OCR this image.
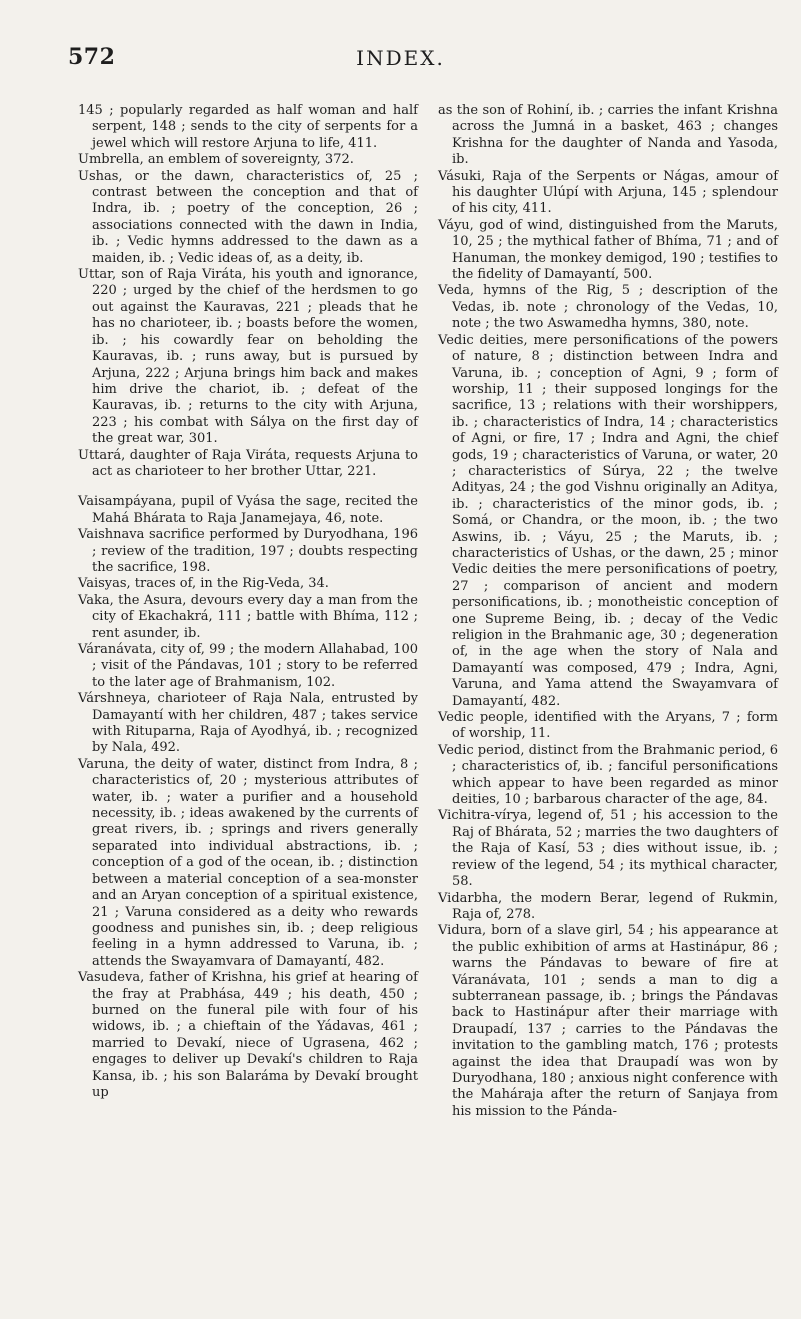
572	INDEX.

145 ; popularly regarded as half woman and half serpent, 148 ; sends to the city of serpents for a jewel which will restore Arjuna to life, 411.

Umbrella, an emblem of sovereignty, 372.

Ushas, or the dawn, characteristics of, 25 ; contrast between the conception and that of Indra, ib. ; poetry of the conception, 26 ; associations connected with the dawn in India, ib. ; Vedic hymns addressed to the dawn as a maiden, ib. ; Vedic ideas of, as a deity, ib.

Uttar, son of Raja Viráta, his youth and ignorance, 220 ; urged by the chief of the herdsmen to go out against the Kauravas, 221 ; pleads that he has no charioteer, ib. ; boasts before the women, ib. ; his cowardly fear on beholding the Kauravas, ib. ; runs away, but is pursued by Arjuna, 222 ; Arjuna brings him back and makes him drive the chariot, ib. ; defeat of the Kauravas, ib. ; returns to the city with Arjuna, 223 ; his combat with Sálya on the first day of the great war, 301.

Uttará, daughter of Raja Viráta, requests Arjuna to act as charioteer to her brother Uttar, 221.

Vaisampáyana, pupil of Vyása the sage, recited the Mahá Bhárata to Raja Janamejaya, 46, note.

Vaishnava sacrifice performed by Duryodhana, 196 ; review of the tradition, 197 ; doubts respecting the sacrifice, 198.

Vaisyas, traces of, in the Rig-Veda, 34.

Vaka, the Asura, devours every day a man from the city of Ekachakrá, 111 ; battle with Bhíma, 112 ; rent asunder, ib.

Váranávata, city of, 99 ; the modern Allahabad, 100 ; visit of the Pándavas, 101 ; story to be referred to the later age of Brahmanism, 102.

Várshneya, charioteer of Raja Nala, entrusted by Damayantí with her children, 487 ; takes service with Rituparna, Raja of Ayodhyá, ib. ; recognized by Nala, 492.

Varuna, the deity of water, distinct from Indra, 8 ; characteristics of, 20 ; mysterious attributes of water, ib. ; water a purifier and a household necessity, ib. ; ideas awakened by the currents of great rivers, ib. ; springs and rivers generally separated into individual abstractions, ib. ; conception of a god of the ocean, ib. ; distinction between a material conception of a sea-monster and an Aryan conception of a spiritual existence, 21 ; Varuna considered as a deity who rewards goodness and punishes sin, ib. ; deep religious feeling in a hymn addressed to Varuna, ib. ; attends the Swayamvara of Damayantí, 482.

Vasudeva, father of Krishna, his grief at hearing of the fray at Prabhása, 449 ; his death, 450 ; burned on the funeral pile with four of his widows, ib. ; a chieftain of the Yádavas, 461 ; married to Devakí, niece of Ugrasena, 462 ; engages to deliver up Devakí's children to Raja Kansa, ib. ; his son Balaráma by Devakí brought up

as the son of Rohiní, ib. ; carries the infant Krishna across the Jumná in a basket, 463 ; changes Krishna for the daughter of Nanda and Yasoda, ib.

Vásuki, Raja of the Serpents or Nágas, amour of his daughter Ulúpí with Arjuna, 145 ; splendour of his city, 411.

Váyu, god of wind, distinguished from the Maruts, 10, 25 ; the mythical father of Bhíma, 71 ; and of Hanuman, the monkey demigod, 190 ; testifies to the fidelity of Damayantí, 500.

Veda, hymns of the Rig, 5 ; description of the Vedas, ib. note ; chronology of the Vedas, 10, note ; the two Aswamedha hymns, 380, note.

Vedic deities, mere personifications of the powers of nature, 8 ; distinction between Indra and Varuna, ib. ; conception of Agni, 9 ; form of worship, 11 ; their supposed longings for the sacrifice, 13 ; relations with their worshippers, ib. ; characteristics of Indra, 14 ; characteristics of Agni, or fire, 17 ; Indra and Agni, the chief gods, 19 ; characteristics of Varuna, or water, 20 ; characteristics of Súrya, 22 ; the twelve Adityas, 24 ; the god Vishnu originally an Aditya, ib. ; characteristics of the minor gods, ib. ; Somá, or Chandra, or the moon, ib. ; the two Aswins, ib. ; Váyu, 25 ; the Maruts, ib. ; characteristics of Ushas, or the dawn, 25 ; minor Vedic deities the mere personifications of poetry, 27 ; comparison of ancient and modern personifications, ib. ; monotheistic conception of one Supreme Being, ib. ; decay of the Vedic religion in the Brahmanic age, 30 ; degeneration of, in the age when the story of Nala and Damayantí was composed, 479 ; Indra, Agni, Varuna, and Yama attend the Swayamvara of Damayantí, 482.

Vedic people, identified with the Aryans, 7 ; form of worship, 11.

Vedic period, distinct from the Brahmanic period, 6 ; characteristics of, ib. ; fanciful personifications which appear to have been regarded as minor deities, 10 ; barbarous character of the age, 84.

Vichitra-vírya, legend of, 51 ; his accession to the Raj of Bhárata, 52 ; marries the two daughters of the Raja of Kasí, 53 ; dies without issue, ib. ; review of the legend, 54 ; its mythical character, 58.

Vidarbha, the modern Berar, legend of Rukmin, Raja of, 278.

Vidura, born of a slave girl, 54 ; his appearance at the public exhibition of arms at Hastinápur, 86 ; warns the Pándavas to beware of fire at Váranávata, 101 ; sends a man to dig a subterranean passage, ib. ; brings the Pándavas back to Hastinápur after their marriage with Draupadí, 137 ; carries to the Pándavas the invitation to the gambling match, 176 ; protests against the idea that Draupadí was won by Duryodhana, 180 ; anxious night conference with the Maháraja after the return of Sanjaya from his mission to the Pánda-
